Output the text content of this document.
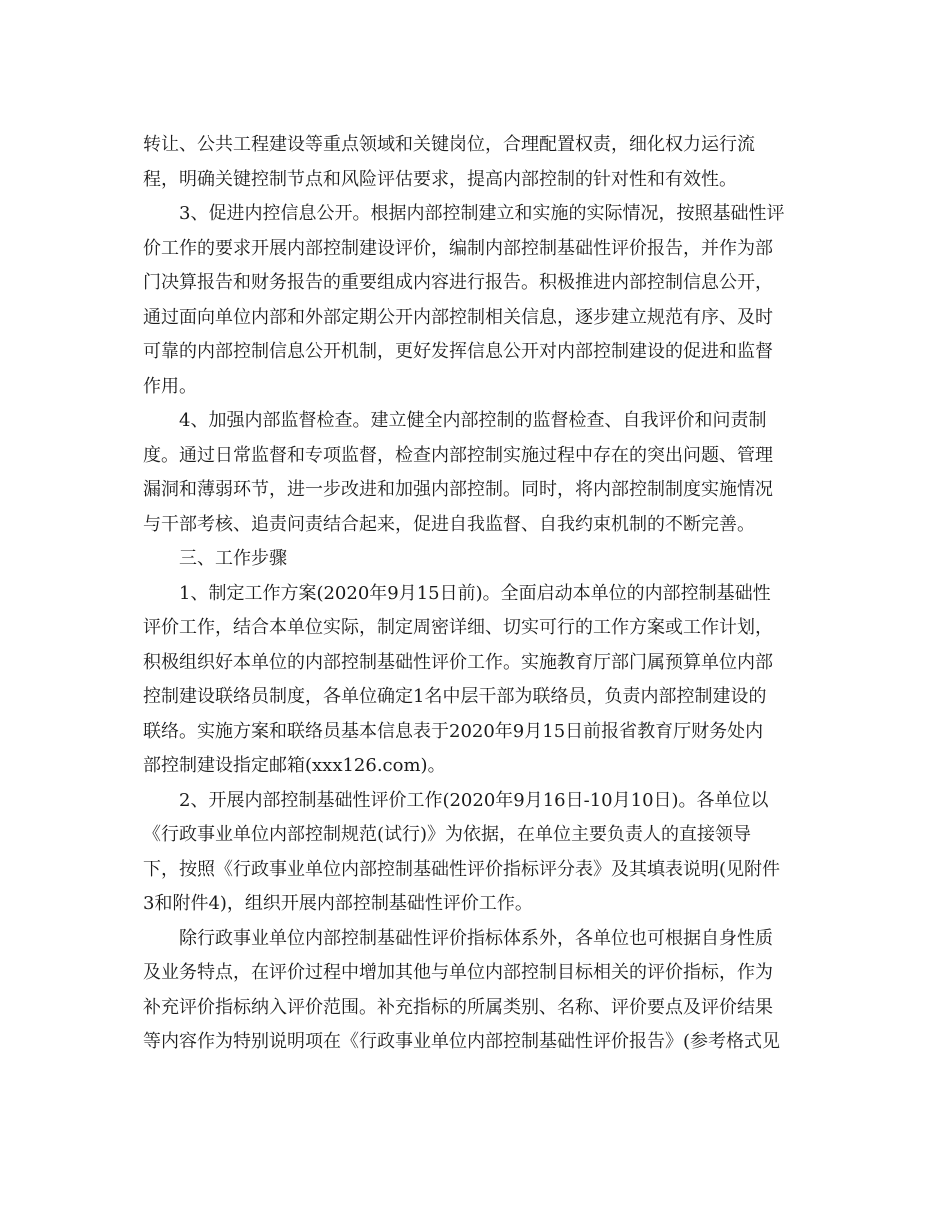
转让、公共工程建设等重点领域和关键岗位，合理配置权责，细化权力运行流
程，明确关键控制节点和风险评估要求，提高内部控制的针对性和有效性。
3、促进内控信息公开。根据内部控制建立和实施的实际情况，按照基础性评
价工作的要求开展内部控制建设评价，编制内部控制基础性评价报告，并作为部
门决算报告和财务报告的重要组成内容进行报告。积极推进内部控制信息公开，
通过面向单位内部和外部定期公开内部控制相关信息，逐步建立规范有序、及时
可靠的内部控制信息公开机制，更好发挥信息公开对内部控制建设的促进和监督
作用。
4、加强内部监督检查。建立健全内部控制的监督检查、自我评价和问责制
度。通过日常监督和专项监督，检查内部控制实施过程中存在的突出问题、管理
漏洞和薄弱环节，进一步改进和加强内部控制。同时，将内部控制制度实施情况
与干部考核、追责问责结合起来，促进自我监督、自我约束机制的不断完善。
三、工作步骤
1、制定工作方案(2020年9月15日前)。全面启动本单位的内部控制基础性
评价工作，结合本单位实际，制定周密详细、切实可行的工作方案或工作计划，
积极组织好本单位的内部控制基础性评价工作。实施教育厅部门属预算单位内部
控制建设联络员制度，各单位确定1名中层干部为联络员，负责内部控制建设的
联络。实施方案和联络员基本信息表于2020年9月15日前报省教育厅财务处内
部控制建设指定邮箱(xxx126.com)。
2、开展内部控制基础性评价工作(2020年9月16日-10月10日)。各单位以
《行政事业单位内部控制规范(试行)》为依据，在单位主要负责人的直接领导
下，按照《行政事业单位内部控制基础性评价指标评分表》及其填表说明(见附件
3和附件4)，组织开展内部控制基础性评价工作。
除行政事业单位内部控制基础性评价指标体系外，各单位也可根据自身性质
及业务特点，在评价过程中增加其他与单位内部控制目标相关的评价指标，作为
补充评价指标纳入评价范围。补充指标的所属类别、名称、评价要点及评价结果
等内容作为特别说明项在《行政事业单位内部控制基础性评价报告》(参考格式见
